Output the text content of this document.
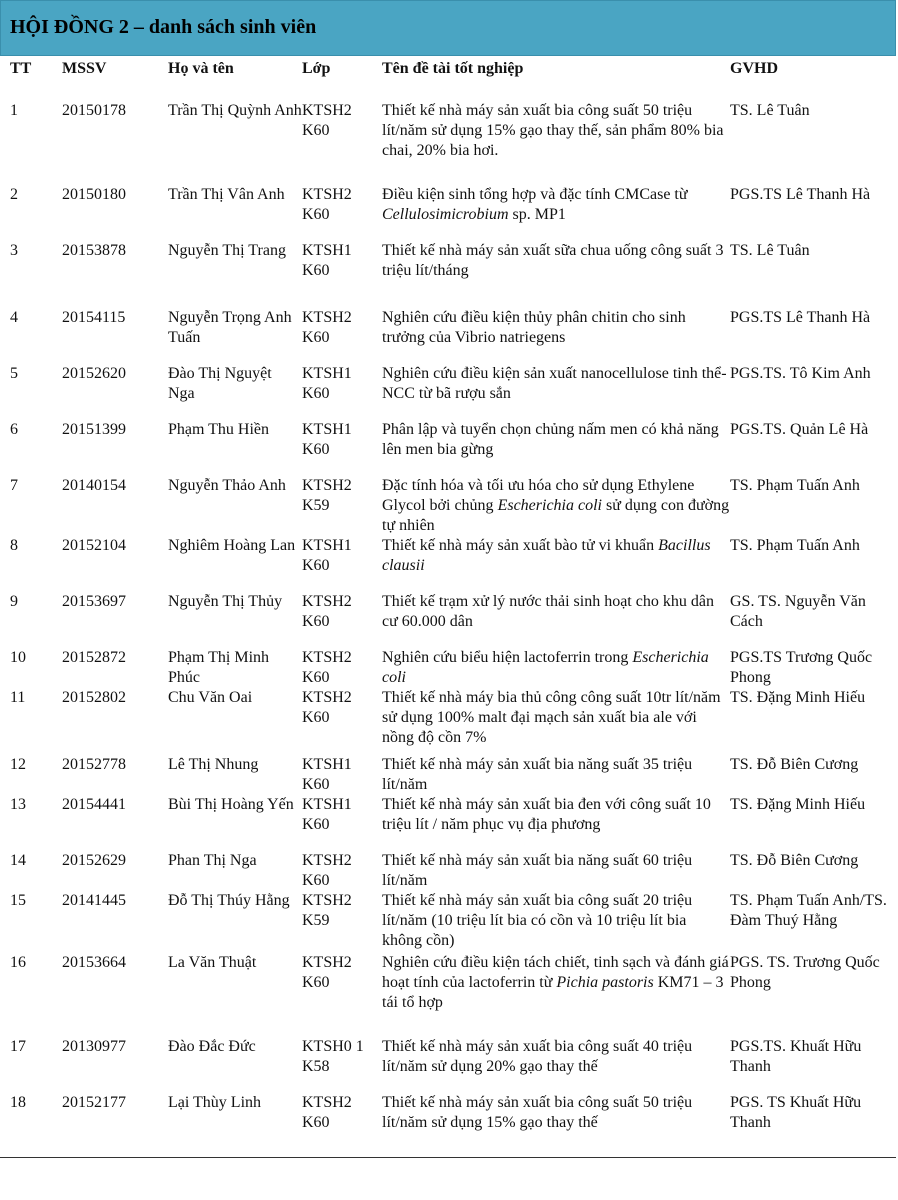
HỘI ĐỒNG 2 – danh sách sinh viên
TT	MSSV	Họ và tên	Lớp	Tên đề tài tốt nghiệp	GVHD
1	20150178	Trần Thị Quỳnh Anh	KTSH2 K60	Thiết kế nhà máy sản xuất bia công suất 50 triệu lít/năm sử dụng 15% gạo thay thế, sản phẩm 80% bia chai, 20% bia hơi.	TS. Lê Tuân
2	20150180	Trần Thị Vân Anh	KTSH2 K60	Điều kiện sinh tổng hợp và đặc tính CMCase từ Cellulosimicrobium sp. MP1	PGS.TS Lê Thanh Hà
3	20153878	Nguyễn Thị Trang	KTSH1 K60	Thiết kế nhà máy sản xuất sữa chua uống công suất 3 triệu lít/tháng	TS. Lê Tuân
4	20154115	Nguyễn Trọng Anh Tuấn	KTSH2 K60	Nghiên cứu điều kiện thủy phân chitin cho sinh trưởng của Vibrio natriegens	PGS.TS Lê Thanh Hà
5	20152620	Đào Thị Nguyệt Nga	KTSH1 K60	Nghiên cứu điều kiện sản xuất nanocellulose tinh thể-NCC từ bã rượu sắn	PGS.TS. Tô Kim Anh
6	20151399	Phạm Thu Hiền	KTSH1 K60	Phân lập và tuyển chọn chủng nấm men có khả năng lên men bia gừng	PGS.TS. Quản Lê Hà
7	20140154	Nguyễn Thảo Anh	KTSH2 K59	Đặc tính hóa và tối ưu hóa cho sử dụng Ethylene Glycol bởi chủng Escherichia coli sử dụng con đường tự nhiên	TS. Phạm Tuấn Anh
8	20152104	Nghiêm Hoàng Lan	KTSH1 K60	Thiết kế nhà máy sản xuất bào tử vi khuẩn Bacillus clausii	TS. Phạm Tuấn Anh
9	20153697	Nguyễn Thị Thủy	KTSH2 K60	Thiết kế trạm xử lý nước thải sinh hoạt cho khu dân cư 60.000 dân	GS. TS. Nguyễn Văn Cách
10	20152872	Phạm Thị Minh Phúc	KTSH2 K60	Nghiên cứu biểu hiện lactoferrin trong Escherichia coli	PGS.TS Trương Quốc Phong
11	20152802	Chu Văn Oai	KTSH2 K60	Thiết kế nhà máy bia thủ công công suất 10tr lít/năm sử dụng 100% malt đại mạch sản xuất bia ale với nồng độ cồn 7%	TS. Đặng Minh Hiếu
12	20152778	Lê Thị Nhung	KTSH1 K60	Thiết kế nhà máy sản xuất bia năng suất 35 triệu lít/năm	TS. Đỗ Biên Cương
13	20154441	Bùi Thị Hoàng Yến	KTSH1 K60	Thiết kế nhà máy sản xuất bia đen với công suất 10 triệu lít / năm phục vụ địa phương	TS. Đặng Minh Hiếu
14	20152629	Phan Thị Nga	KTSH2 K60	Thiết kế nhà máy sản xuất bia năng suất 60 triệu lít/năm	TS. Đỗ Biên Cương
15	20141445	Đỗ Thị Thúy Hằng	KTSH2 K59	Thiết kế nhà máy sản xuất bia công suất 20 triệu lít/năm (10 triệu lít bia có cồn và 10 triệu lít bia không cồn)	TS. Phạm Tuấn Anh/TS. Đàm Thuý Hằng
16	20153664	La Văn Thuật	KTSH2 K60	Nghiên cứu điều kiện tách chiết, tinh sạch và đánh giá hoạt tính của lactoferrin từ Pichia pastoris KM71 – 3 tái tổ hợp	PGS. TS. Trương Quốc Phong
17	20130977	Đào Đắc Đức	KTSH0 1 K58	Thiết kế nhà máy sản xuất bia công suất 40 triệu lít/năm sử dụng 20% gạo thay thế	PGS.TS. Khuất Hữu Thanh
18	20152177	Lại Thùy Linh	KTSH2 K60	Thiết kế nhà máy sản xuất bia công suất 50 triệu lít/năm sử dụng 15% gạo thay thế	PGS. TS Khuất Hữu Thanh
